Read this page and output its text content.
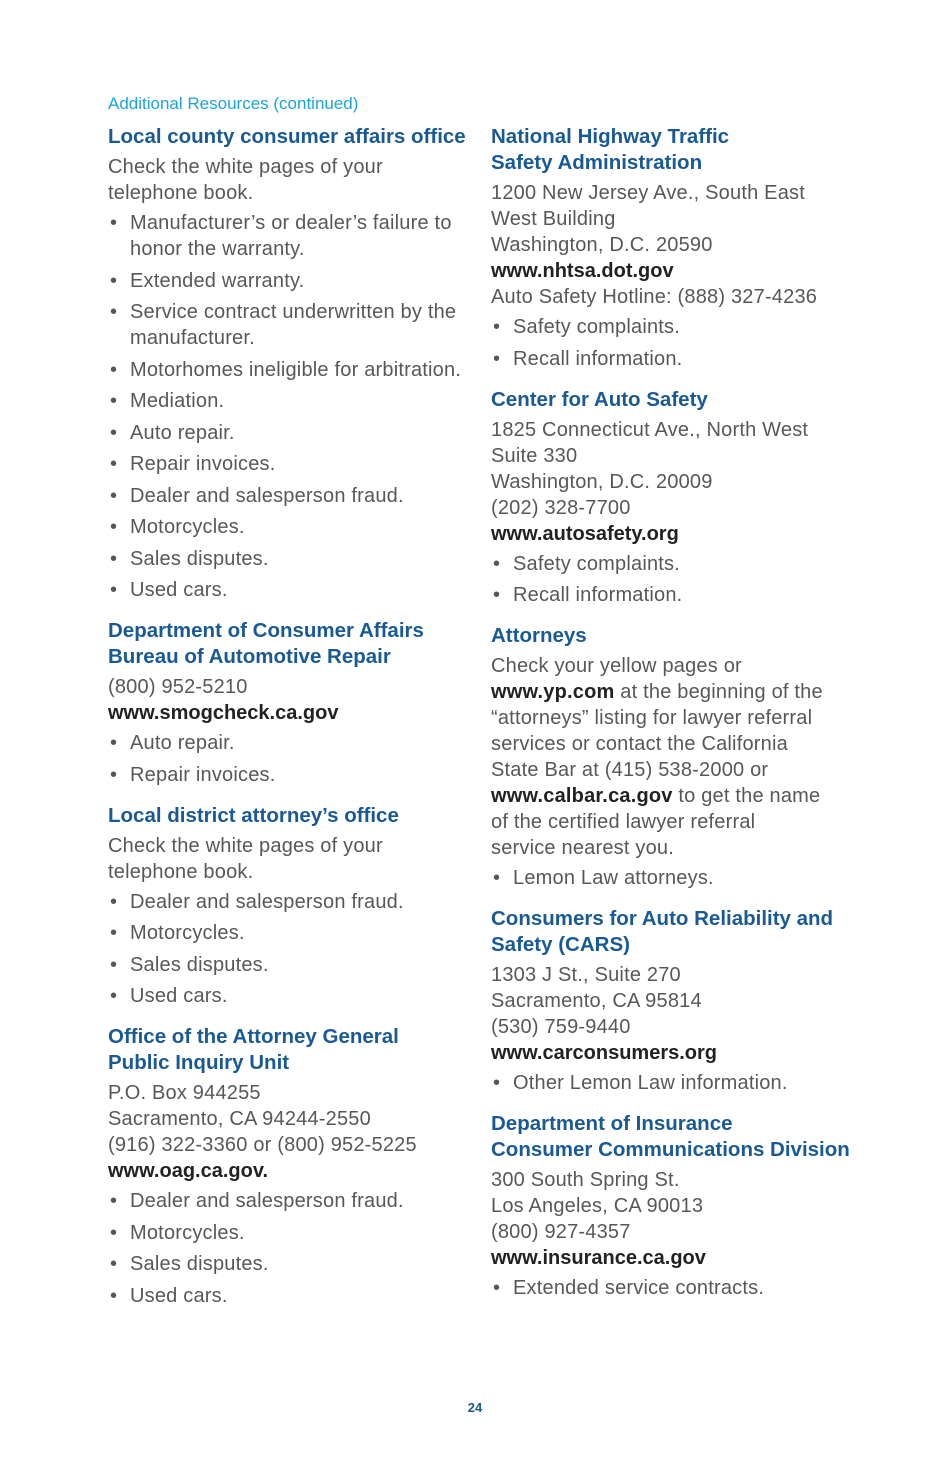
Additional Resources (continued)
Local county consumer affairs office
Check the white pages of your
telephone book.
• Manufacturer’s or dealer’s failure to honor the warranty.
• Extended warranty.
• Service contract underwritten by the manufacturer.
• Motorhomes ineligible for arbitration.
• Mediation.
• Auto repair.
• Repair invoices.
• Dealer and salesperson fraud.
• Motorcycles.
• Sales disputes.
• Used cars.
Department of Consumer Affairs
Bureau of Automotive Repair
(800) 952-5210
www.smogcheck.ca.gov
• Auto repair.
• Repair invoices.
Local district attorney’s office
Check the white pages of your
telephone book.
• Dealer and salesperson fraud.
• Motorcycles.
• Sales disputes.
• Used cars.
Office of the Attorney General
Public Inquiry Unit
P.O. Box 944255
Sacramento, CA 94244-2550
(916) 322-3360 or (800) 952-5225
www.oag.ca.gov.
• Dealer and salesperson fraud.
• Motorcycles.
• Sales disputes.
• Used cars.
National Highway Traffic
Safety Administration
1200 New Jersey Ave., South East
West Building
Washington, D.C. 20590
www.nhtsa.dot.gov
Auto Safety Hotline: (888) 327-4236
• Safety complaints.
• Recall information.
Center for Auto Safety
1825 Connecticut Ave., North West
Suite 330
Washington, D.C. 20009
(202) 328-7700
www.autosafety.org
• Safety complaints.
• Recall information.
Attorneys
Check your yellow pages or
www.yp.com at the beginning of the
“attorneys” listing for lawyer referral
services or contact the California
State Bar at (415) 538-2000 or
www.calbar.ca.gov to get the name
of the certified lawyer referral
service nearest you.
• Lemon Law attorneys.
Consumers for Auto Reliability and
Safety (CARS)
1303 J St., Suite 270
Sacramento, CA 95814
(530) 759-9440
www.carconsumers.org
• Other Lemon Law information.
Department of Insurance
Consumer Communications Division
300 South Spring St.
Los Angeles, CA 90013
(800) 927-4357
www.insurance.ca.gov
• Extended service contracts.
24
